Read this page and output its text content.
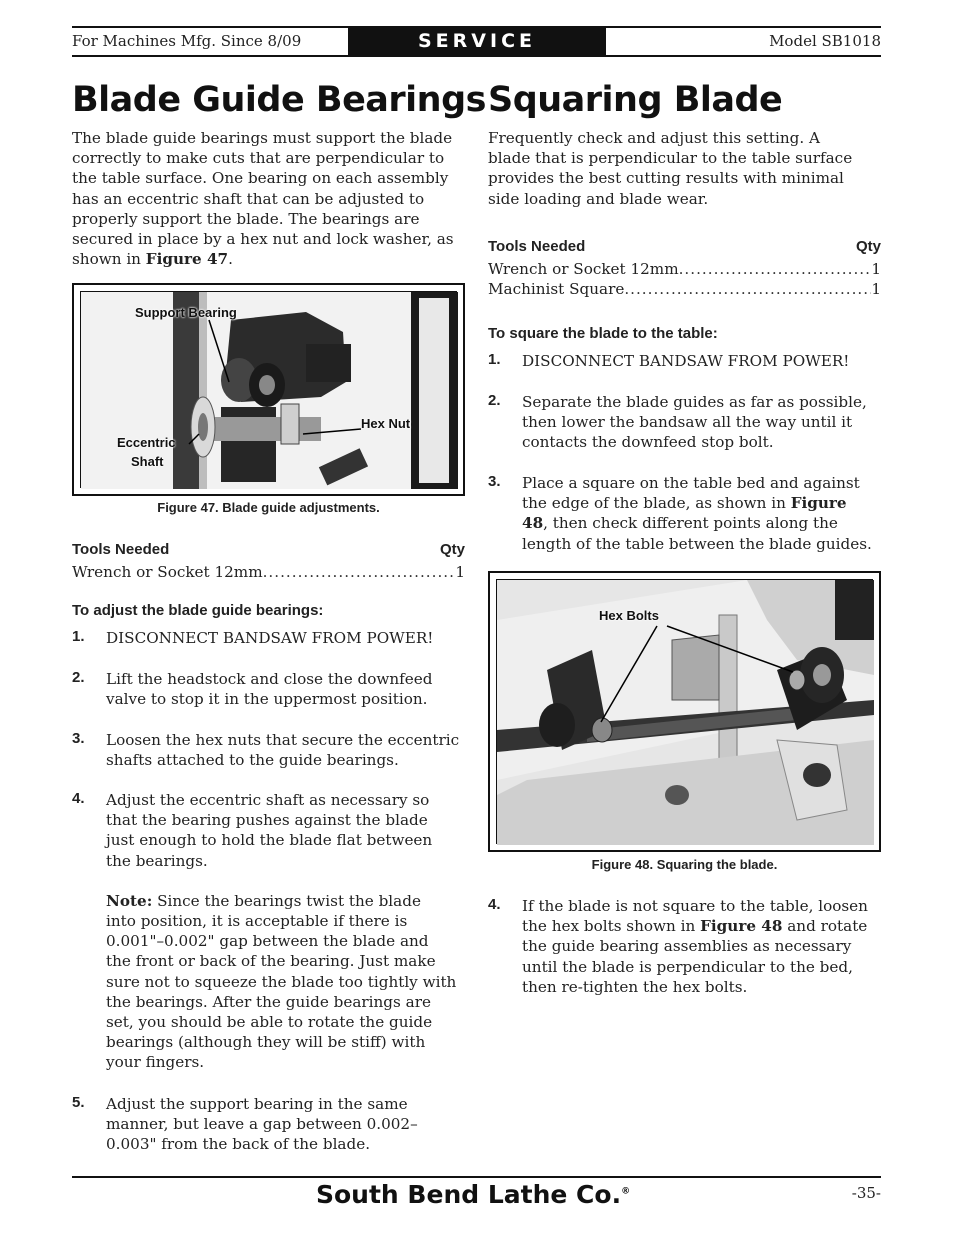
For Machines Mfg. Since 8/09	SERVICE	Model SB1018
Blade Guide Bearings
The blade guide bearings must support the blade
correctly to make cuts that are perpendicular to
the table surface. One bearing on each assembly
has an eccentric shaft that can be adjusted to
properly support the blade. The bearings are
secured in place by a hex nut and lock washer, as
shown in Figure 47.
Support Bearing
Hex Nut
Eccentric
Shaft
Figure 47. Blade guide adjustments.
Tools Needed	Qty
Wrench or Socket 12mm .....	1
To adjust the blade guide bearings:
1. DISCONNECT BANDSAW FROM POWER!
2. Lift the headstock and close the downfeed
valve to stop it in the uppermost position.
3. Loosen the hex nuts that secure the eccentric
shafts attached to the guide bearings.
4. Adjust the eccentric shaft as necessary so
that the bearing pushes against the blade
just enough to hold the blade flat between
the bearings.
Note: Since the bearings twist the blade
into position, it is acceptable if there is
0.001"–0.002" gap between the blade and
the front or back of the bearing. Just make
sure not to squeeze the blade too tightly with
the bearings. After the guide bearings are
set, you should be able to rotate the guide
bearings (although they will be stiff) with
your fingers.
5. Adjust the support bearing in the same
manner, but leave a gap between 0.002–
0.003" from the back of the blade.
Squaring Blade
Frequently check and adjust this setting. A
blade that is perpendicular to the table surface
provides the best cutting results with minimal
side loading and blade wear.
Tools Needed	Qty
Wrench or Socket 12mm .....	1
Machinist Square .....	1
To square the blade to the table:
1. DISCONNECT BANDSAW FROM POWER!
2. Separate the blade guides as far as possible,
then lower the bandsaw all the way until it
contacts the downfeed stop bolt.
3. Place a square on the table bed and against
the edge of the blade, as shown in Figure
48, then check different points along the
length of the table between the blade guides.
Hex Bolts
Figure 48. Squaring the blade.
4. If the blade is not square to the table, loosen
the hex bolts shown in Figure 48 and rotate
the guide bearing assemblies as necessary
until the blade is perpendicular to the bed,
then re-tighten the hex bolts.
South Bend Lathe Co.®	-35-
